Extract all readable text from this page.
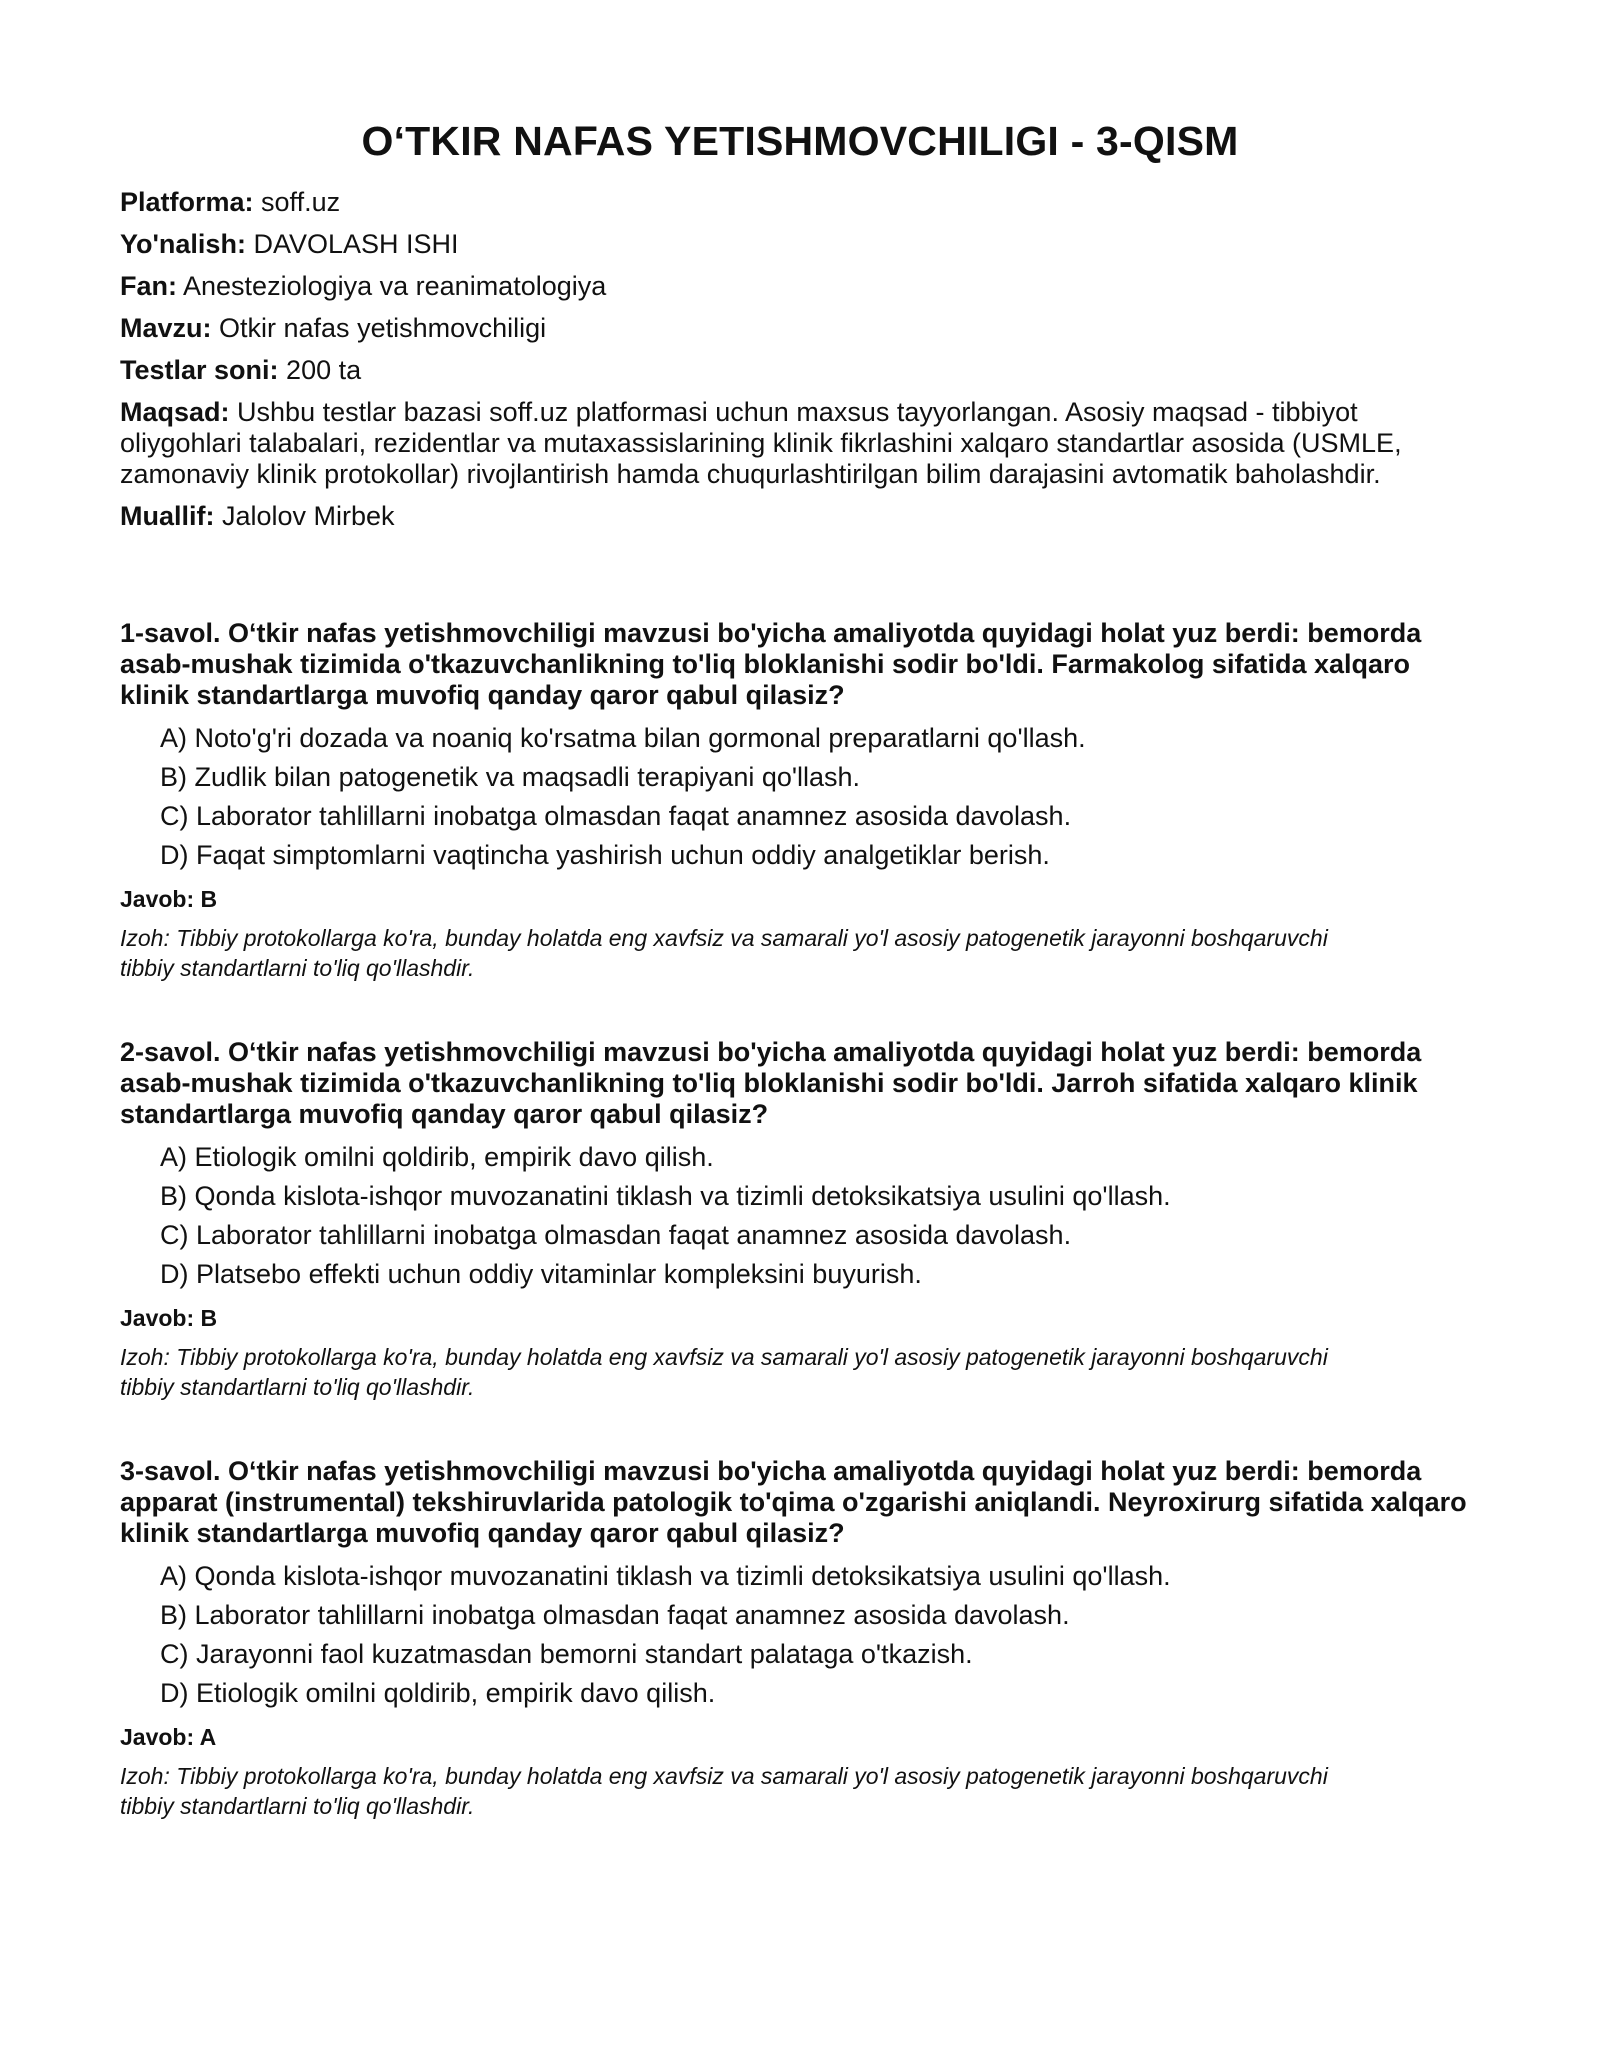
O‘TKIR NAFAS YETISHMOVCHILIGI - 3-QISM

Platforma: soff.uz

Yo'nalish: DAVOLASH ISHI

Fan: Anesteziologiya va reanimatologiya

Mavzu: Otkir nafas yetishmovchiligi

Testlar soni: 200 ta

Maqsad: Ushbu testlar bazasi soff.uz platformasi uchun maxsus tayyorlangan. Asosiy maqsad - tibbiyot oliygohlari talabalari, rezidentlar va mutaxassislarining klinik fikrlashini xalqaro standartlar asosida (USMLE, zamonaviy klinik protokollar) rivojlantirish hamda chuqurlashtirilgan bilim darajasini avtomatik baholashdir.

Muallif: Jalolov Mirbek

1-savol. O‘tkir nafas yetishmovchiligi mavzusi bo'yicha amaliyotda quyidagi holat yuz berdi: bemorda asab-mushak tizimida o'tkazuvchanlikning to'liq bloklanishi sodir bo'ldi. Farmakolog sifatida xalqaro klinik standartlarga muvofiq qanday qaror qabul qilasiz?

A) Noto'g'ri dozada va noaniq ko'rsatma bilan gormonal preparatlarni qo'llash.
B) Zudlik bilan patogenetik va maqsadli terapiyani qo'llash.
C) Laborator tahlillarni inobatga olmasdan faqat anamnez asosida davolash.
D) Faqat simptomlarni vaqtincha yashirish uchun oddiy analgetiklar berish.

Javob: B

Izoh: Tibbiy protokollarga ko'ra, bunday holatda eng xavfsiz va samarali yo'l asosiy patogenetik jarayonni boshqaruvchi tibbiy standartlarni to'liq qo'llashdir.

2-savol. O‘tkir nafas yetishmovchiligi mavzusi bo'yicha amaliyotda quyidagi holat yuz berdi: bemorda asab-mushak tizimida o'tkazuvchanlikning to'liq bloklanishi sodir bo'ldi. Jarroh sifatida xalqaro klinik standartlarga muvofiq qanday qaror qabul qilasiz?

A) Etiologik omilni qoldirib, empirik davo qilish.
B) Qonda kislota-ishqor muvozanatini tiklash va tizimli detoksikatsiya usulini qo'llash.
C) Laborator tahlillarni inobatga olmasdan faqat anamnez asosida davolash.
D) Platsebo effekti uchun oddiy vitaminlar kompleksini buyurish.

Javob: B

Izoh: Tibbiy protokollarga ko'ra, bunday holatda eng xavfsiz va samarali yo'l asosiy patogenetik jarayonni boshqaruvchi tibbiy standartlarni to'liq qo'llashdir.

3-savol. O‘tkir nafas yetishmovchiligi mavzusi bo'yicha amaliyotda quyidagi holat yuz berdi: bemorda apparat (instrumental) tekshiruvlarida patologik to'qima o'zgarishi aniqlandi. Neyroxirurg sifatida xalqaro klinik standartlarga muvofiq qanday qaror qabul qilasiz?

A) Qonda kislota-ishqor muvozanatini tiklash va tizimli detoksikatsiya usulini qo'llash.
B) Laborator tahlillarni inobatga olmasdan faqat anamnez asosida davolash.
C) Jarayonni faol kuzatmasdan bemorni standart palataga o'tkazish.
D) Etiologik omilni qoldirib, empirik davo qilish.

Javob: A

Izoh: Tibbiy protokollarga ko'ra, bunday holatda eng xavfsiz va samarali yo'l asosiy patogenetik jarayonni boshqaruvchi tibbiy standartlarni to'liq qo'llashdir.
